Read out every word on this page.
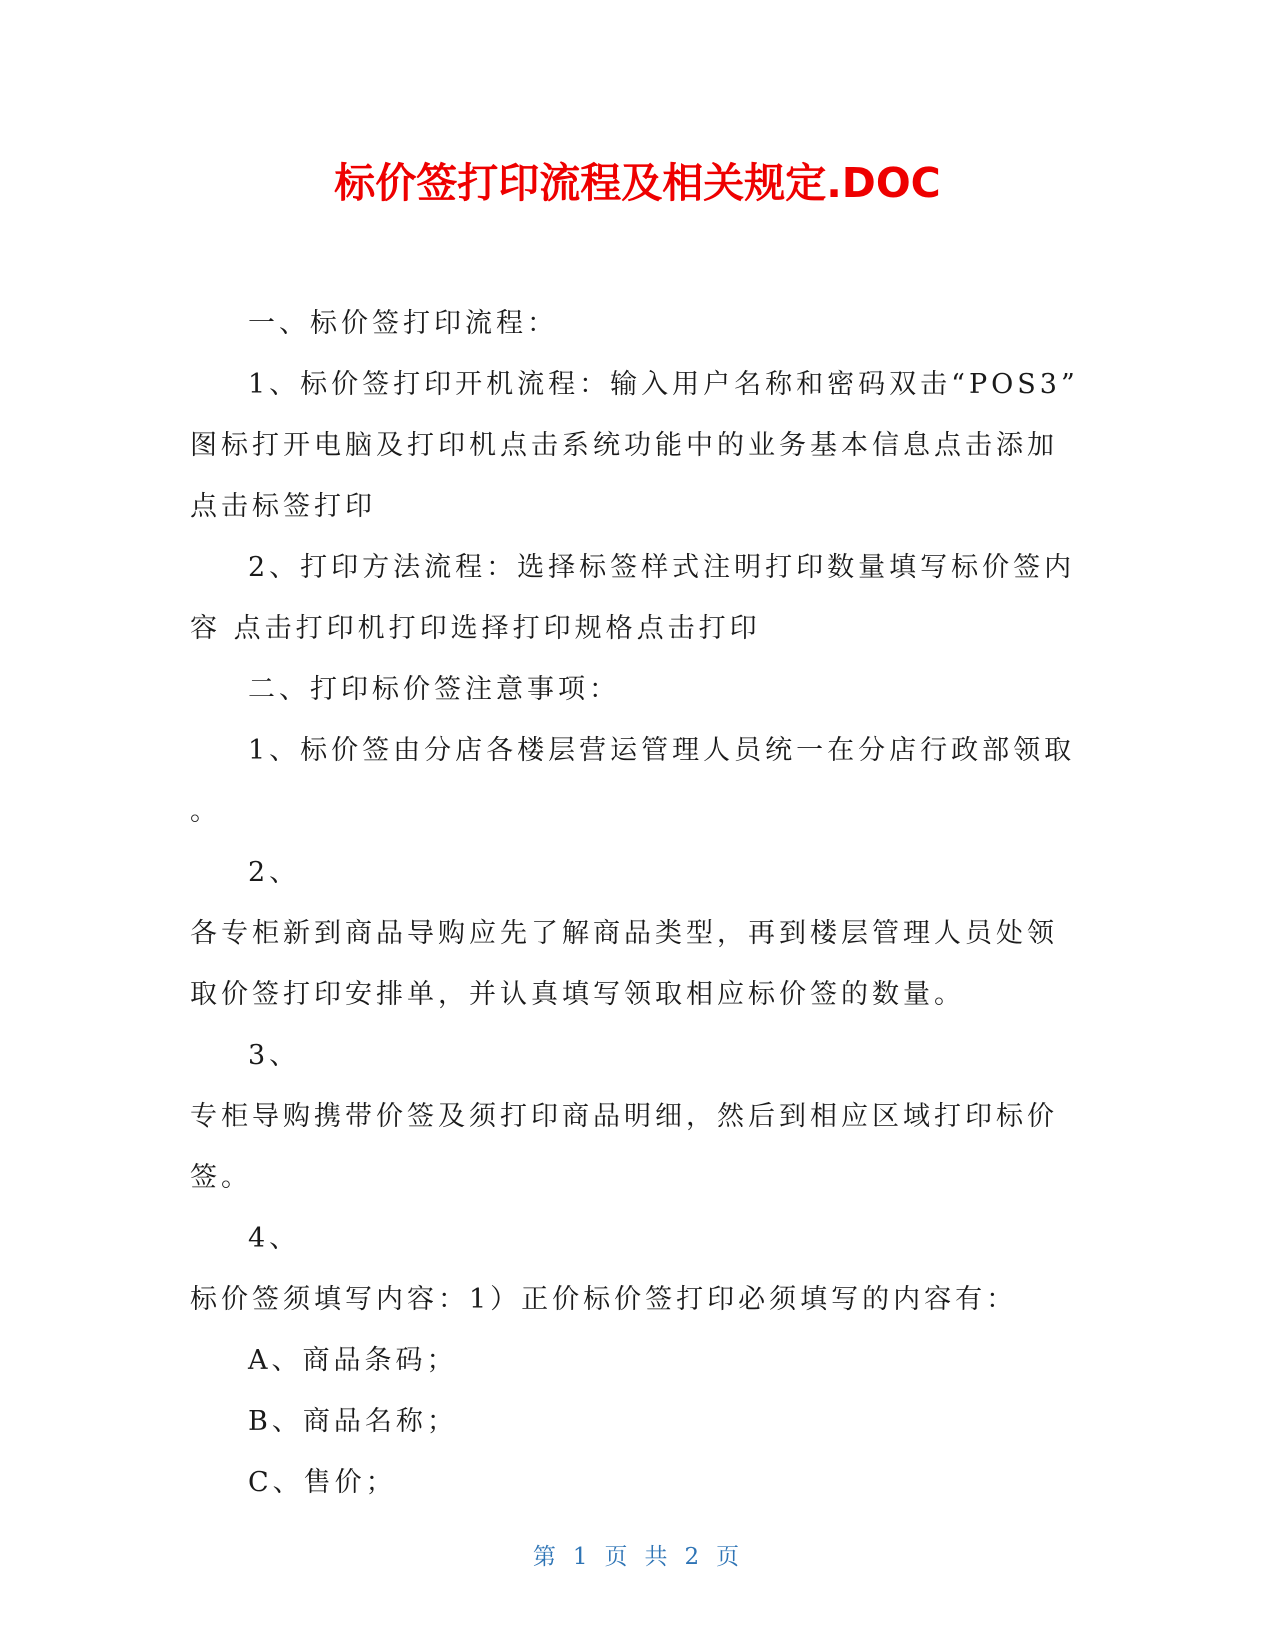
标价签打印流程及相关规定.DOC

一、标价签打印流程：

1、标价签打印开机流程：输入用户名称和密码双击“POS3”

图标打开电脑及打印机点击系统功能中的业务基本信息点击添加

点击标签打印

2、打印方法流程：选择标签样式注明打印数量填写标价签内

容 点击打印机打印选择打印规格点击打印

二、打印标价签注意事项：

1、标价签由分店各楼层营运管理人员统一在分店行政部领取

。

2、

各专柜新到商品导购应先了解商品类型，再到楼层管理人员处领

取价签打印安排单，并认真填写领取相应标价签的数量。

3、

专柜导购携带价签及须打印商品明细，然后到相应区域打印标价

签。

4、

标价签须填写内容：1）正价标价签打印必须填写的内容有：

A、商品条码；

B、商品名称；

C、售价；

第 1 页 共 2 页
